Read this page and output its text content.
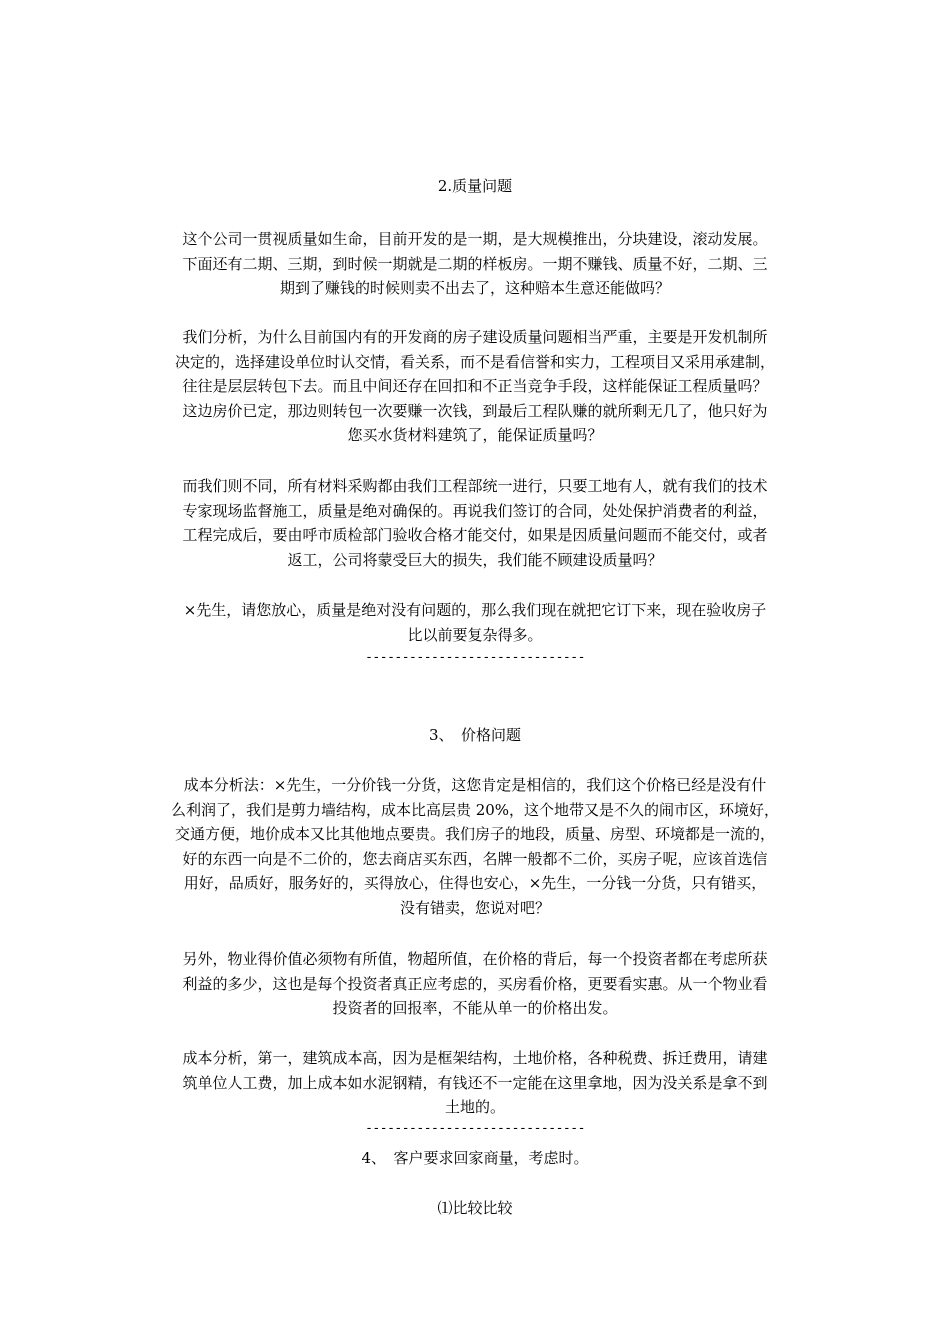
2.质量问题
这个公司一贯视质量如生命，目前开发的是一期，是大规模推出，分块建设，滚动发展。
下面还有二期、三期，到时候一期就是二期的样板房。一期不赚钱、质量不好，二期、三
期到了赚钱的时候则卖不出去了，这种赔本生意还能做吗？
我们分析，为什么目前国内有的开发商的房子建设质量问题相当严重，主要是开发机制所
决定的，选择建设单位时认交情，看关系，而不是看信誉和实力，工程项目又采用承建制，
往往是层层转包下去。而且中间还存在回扣和不正当竞争手段，这样能保证工程质量吗？
这边房价已定，那边则转包一次要赚一次钱，到最后工程队赚的就所剩无几了，他只好为
您买水货材料建筑了，能保证质量吗？
而我们则不同，所有材料采购都由我们工程部统一进行，只要工地有人，就有我们的技术
专家现场监督施工，质量是绝对确保的。再说我们签订的合同，处处保护消费者的利益，
工程完成后，要由呼市质检部门验收合格才能交付，如果是因质量问题而不能交付，或者
返工，公司将蒙受巨大的损失，我们能不顾建设质量吗？
×先生，请您放心，质量是绝对没有问题的，那么我们现在就把它订下来，现在验收房子
比以前要复杂得多。
------------------------------
3、　价格问题
成本分析法：×先生，一分价钱一分货，这您肯定是相信的，我们这个价格已经是没有什
么利润了，我们是剪力墙结构，成本比高层贵 20%，这个地带又是不久的闹市区，环境好，
交通方便，地价成本又比其他地点要贵。我们房子的地段，质量、房型、环境都是一流的，
好的东西一向是不二价的，您去商店买东西，名牌一般都不二价，买房子呢，应该首选信
用好，品质好，服务好的，买得放心，住得也安心，×先生，一分钱一分货，只有错买，
没有错卖，您说对吧？
另外，物业得价值必须物有所值，物超所值，在价格的背后，每一个投资者都在考虑所获
利益的多少，这也是每个投资者真正应考虑的，买房看价格，更要看实惠。从一个物业看
投资者的回报率，不能从单一的价格出发。
成本分析，第一，建筑成本高，因为是框架结构，土地价格，各种税费、拆迁费用，请建
筑单位人工费，加上成本如水泥钢精，有钱还不一定能在这里拿地，因为没关系是拿不到
土地的。
------------------------------
4、　客户要求回家商量，考虑时。
⑴比较比较
